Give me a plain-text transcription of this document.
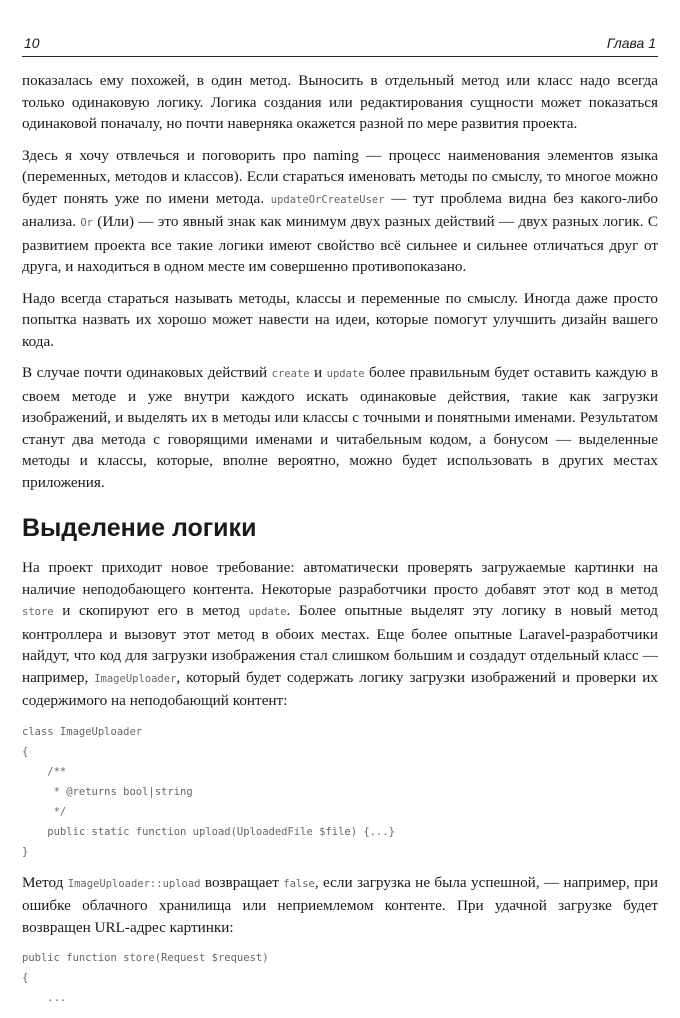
10	Глава 1

показалась ему похожей, в один метод. Выносить в отдельный метод или класс надо всегда только одинаковую логику. Логика создания или редактирования сущности может показаться одинаковой поначалу, но почти наверняка окажется разной по мере развития проекта.

Здесь я хочу отвлечься и поговорить про naming — процесс наименования элементов языка (переменных, методов и классов). Если стараться именовать методы по смыслу, то многое можно будет понять уже по имени метода. updateOrCreateUser — тут проблема видна без какого-либо анализа. Or (Или) — это явный знак как минимум двух разных действий — двух разных логик. С развитием проекта все такие логики имеют свойство всё сильнее и сильнее отличаться друг от друга, и находиться в одном месте им совершенно противопоказано.

Надо всегда стараться называть методы, классы и переменные по смыслу. Иногда даже просто попытка назвать их хорошо может навести на идеи, которые помогут улучшить дизайн вашего кода.

В случае почти одинаковых действий create и update более правильным будет оставить каждую в своем методе и уже внутри каждого искать одинаковые действия, такие как загрузки изображений, и выделять их в методы или классы с точными и понятными именами. Результатом станут два метода с говорящими именами и читабельным кодом, а бонусом — выделенные методы и классы, которые, вполне вероятно, можно будет использовать в других местах приложения.

Выделение логики

На проект приходит новое требование: автоматически проверять загружаемые картинки на наличие неподобающего контента. Некоторые разработчики просто добавят этот код в метод store и скопируют его в метод update. Более опытные выделят эту логику в новый метод контроллера и вызовут этот метод в обоих местах. Еще более опытные Laravel-разработчики найдут, что код для загрузки изображения стал слишком большим и создадут отдельный класс — например, ImageUploader, который будет содержать логику загрузки изображений и проверки их содержимого на неподобающий контент:

class ImageUploader
{
/**
* @returns bool|string
*/
public static function upload(UploadedFile $file) {...}
}

Метод ImageUploader::upload возвращает false, если загрузка не была успешной, — например, при ошибке облачного хранилища или неприемлемом контенте. При удачной загрузке будет возвращен URL-адрес картинки:

public function store(Request $request)
{
...
